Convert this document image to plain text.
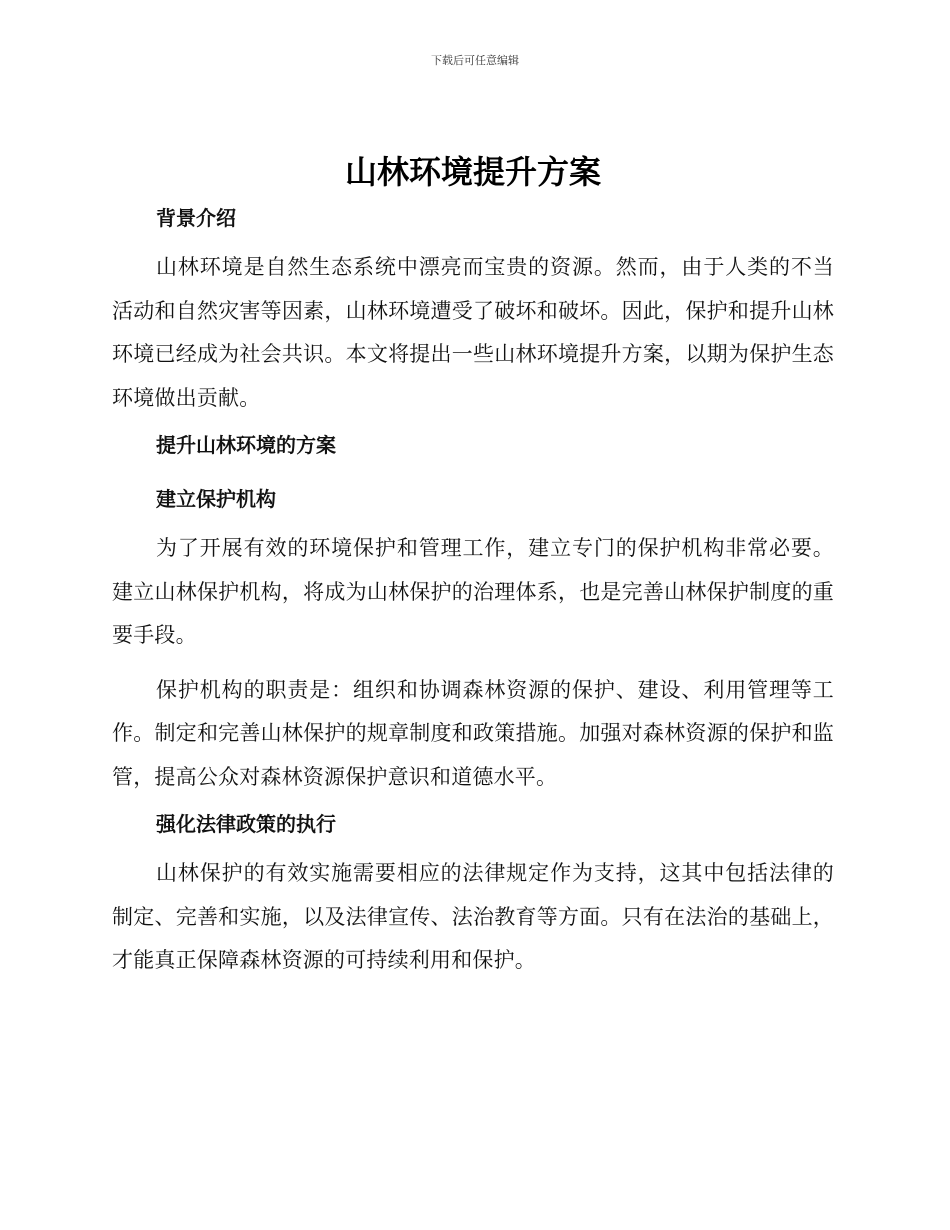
下载后可任意编辑
山林环境提升方案
背景介绍

山林环境是自然生态系统中漂亮而宝贵的资源。然而，由于人类的不当活动和自然灾害等因素，山林环境遭受了破坏和破坏。因此，保护和提升山林环境已经成为社会共识。本文将提出一些山林环境提升方案，以期为保护生态环境做出贡献。

提升山林环境的方案
建立保护机构

为了开展有效的环境保护和管理工作，建立专门的保护机构非常必要。建立山林保护机构，将成为山林保护的治理体系，也是完善山林保护制度的重要手段。

保护机构的职责是：组织和协调森林资源的保护、建设、利用管理等工作。制定和完善山林保护的规章制度和政策措施。加强对森林资源的保护和监管，提高公众对森林资源保护意识和道德水平。

强化法律政策的执行

山林保护的有效实施需要相应的法律规定作为支持，这其中包括法律的制定、完善和实施，以及法律宣传、法治教育等方面。只有在法治的基础上，才能真正保障森林资源的可持续利用和保护。
